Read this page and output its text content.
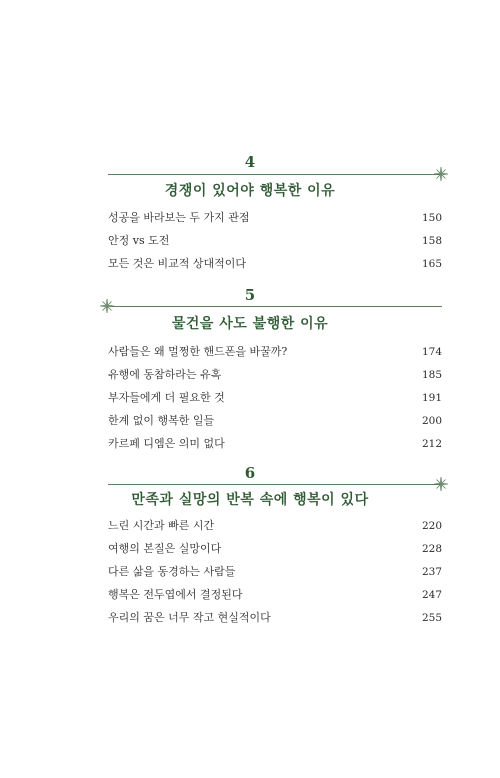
4
경쟁이 있어야 행복한 이유
성공을 바라보는 두 가지 관점	150
안정 vs 도전	158
모든 것은 비교적 상대적이다	165
5
물건을 사도 불행한 이유
사람들은 왜 멀쩡한 핸드폰을 바꿀까?	174
유행에 동참하라는 유혹	185
부자들에게 더 필요한 것	191
한계 없이 행복한 일들	200
카르페 디엠은 의미 없다	212
6
만족과 실망의 반복 속에 행복이 있다
느린 시간과 빠른 시간	220
여행의 본질은 실망이다	228
다른 삶을 동경하는 사람들	237
행복은 전두엽에서 결정된다	247
우리의 꿈은 너무 작고 현실적이다	255
